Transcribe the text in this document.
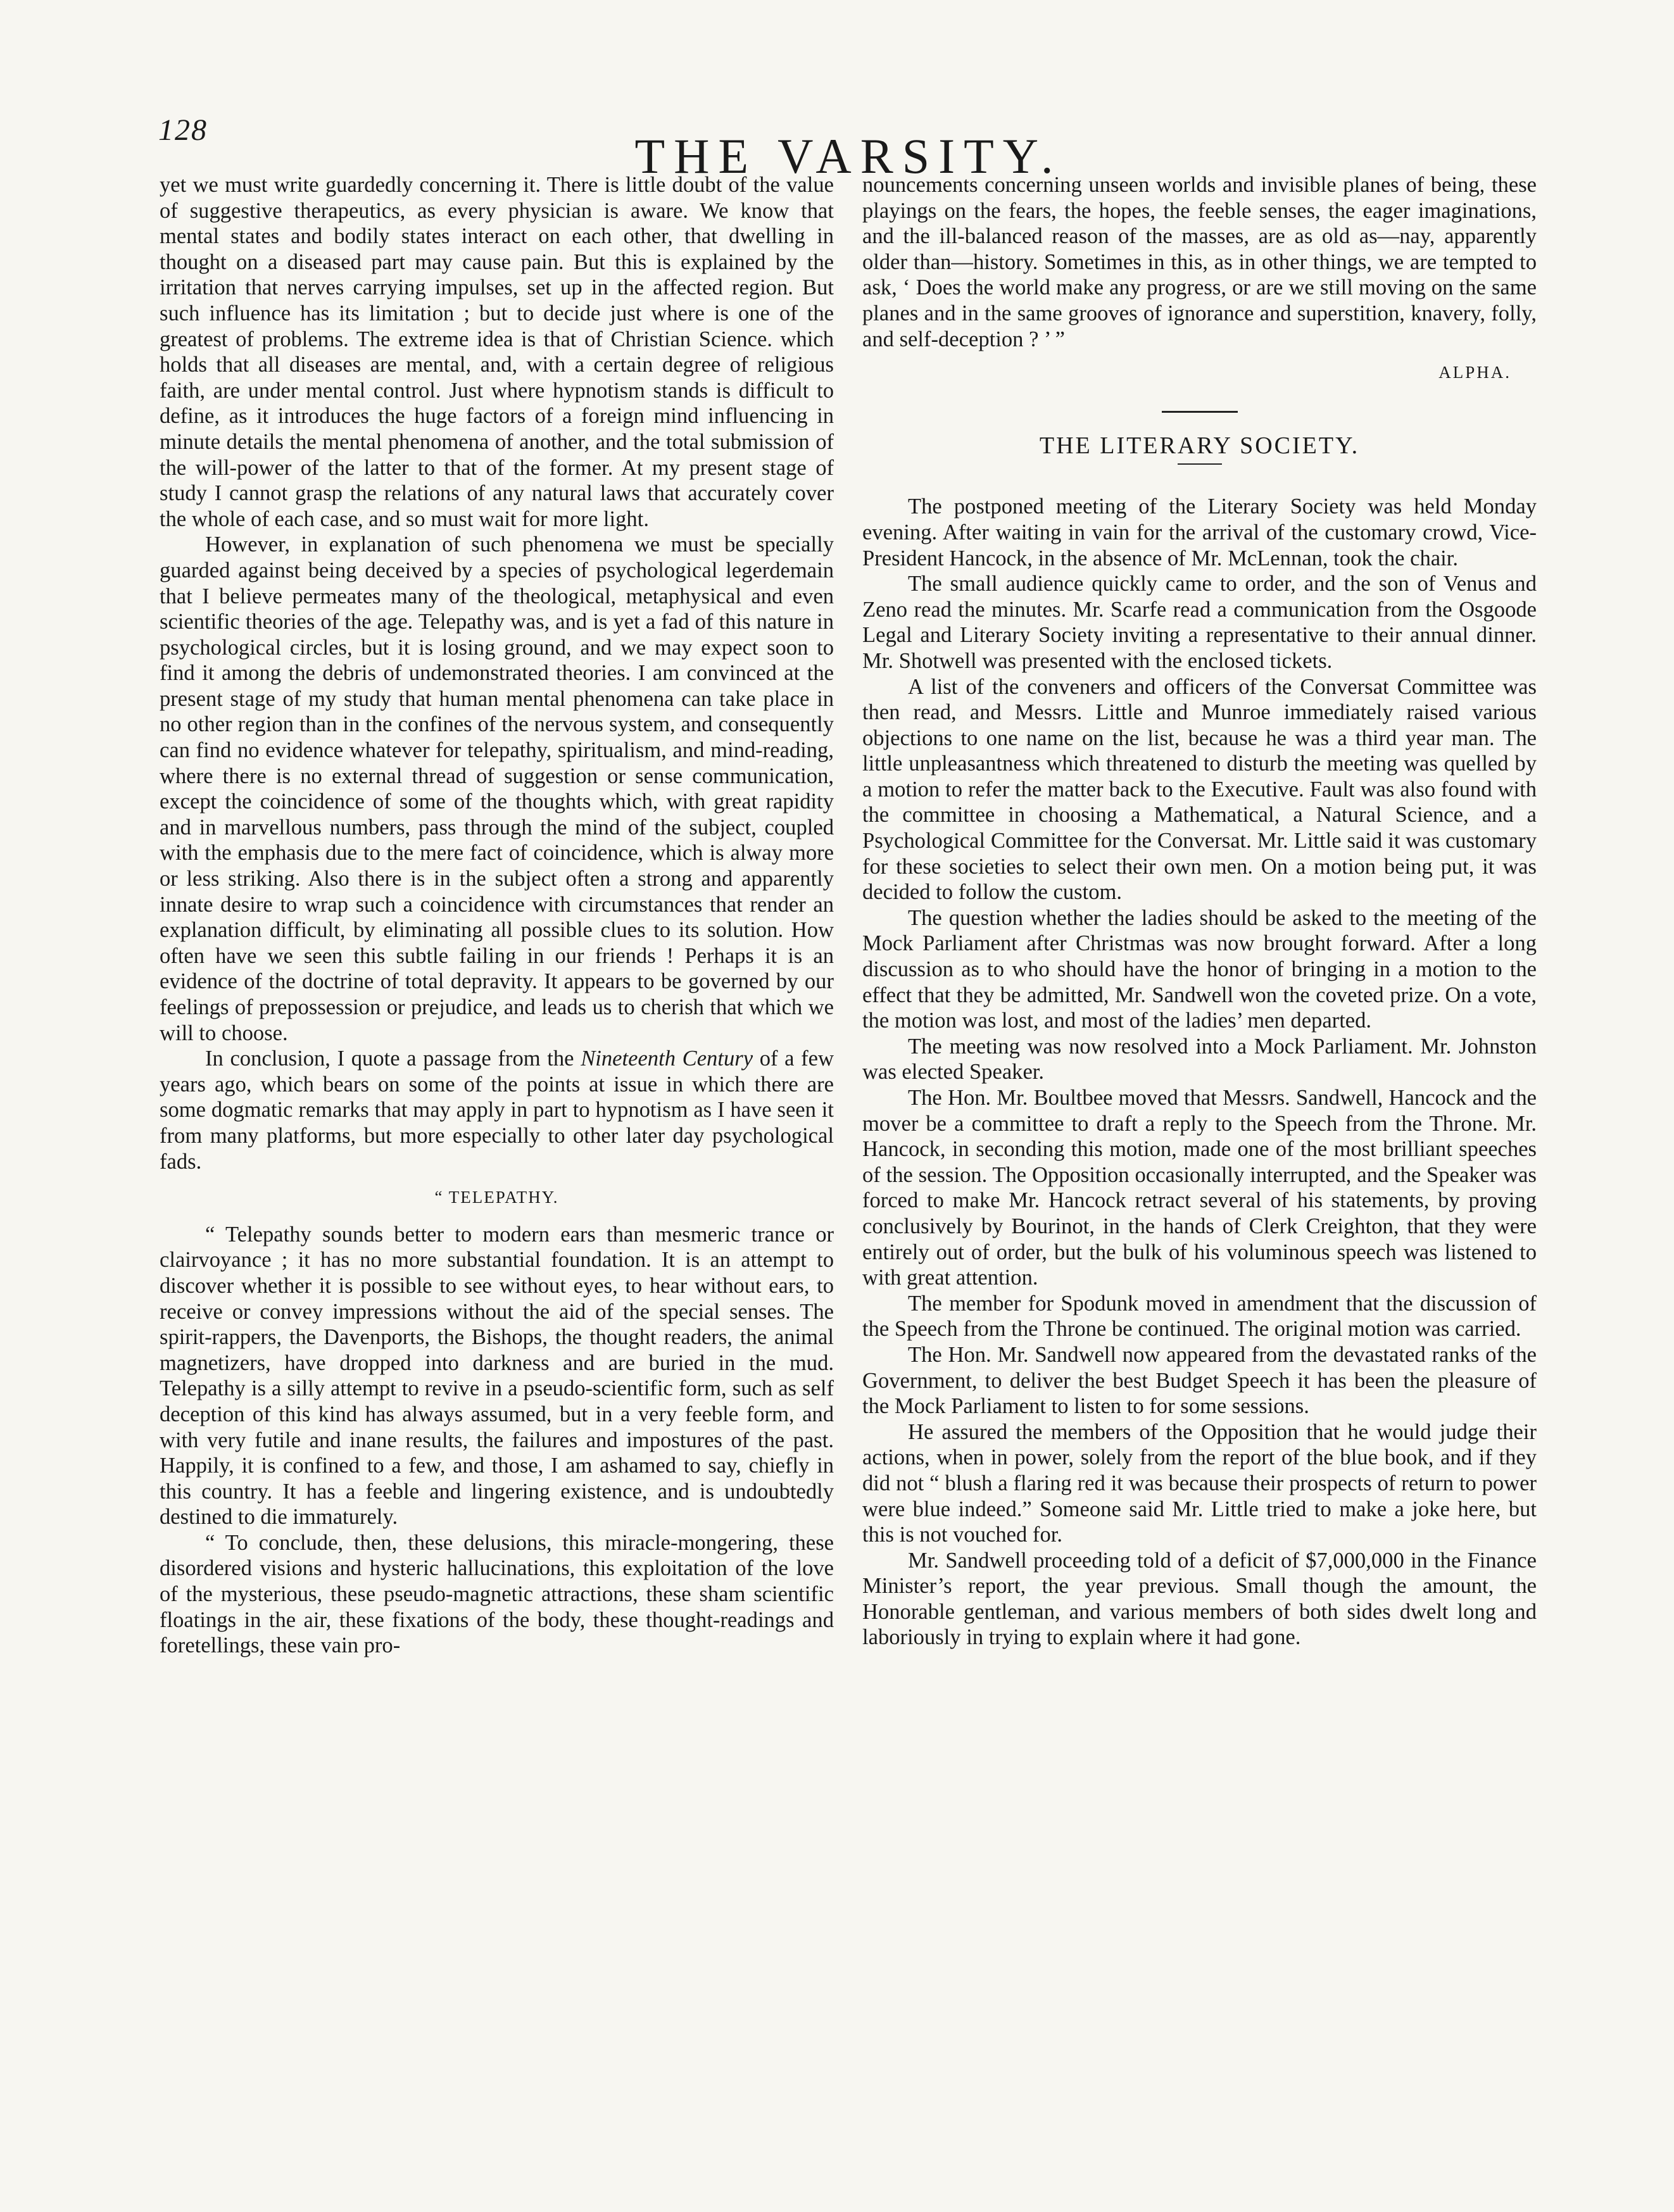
128	THE VARSITY.

yet we must write guardedly concerning it. There is little doubt of the value of suggestive therapeutics, as every physician is aware. We know that mental states and bodily states interact on each other, that dwelling in thought on a diseased part may cause pain. But this is explained by the irritation that nerves carrying impulses, set up in the affected region. But such influence has its limitation ; but to decide just where is one of the greatest of problems. The extreme idea is that of Christian Science. which holds that all diseases are mental, and, with a certain degree of religious faith, are under mental control. Just where hypnotism stands is difficult to define, as it introduces the huge factors of a foreign mind influencing in minute details the mental phenomena of another, and the total submission of the will-power of the latter to that of the former. At my present stage of study I cannot grasp the relations of any natural laws that accurately cover the whole of each case, and so must wait for more light.

However, in explanation of such phenomena we must be specially guarded against being deceived by a species of psychological legerdemain that I believe permeates many of the theological, metaphysical and even scientific theories of the age. Telepathy was, and is yet a fad of this nature in psychological circles, but it is losing ground, and we may expect soon to find it among the debris of undemonstrated theories. I am convinced at the present stage of my study that human mental phenomena can take place in no other region than in the confines of the nervous system, and consequently can find no evidence whatever for telepathy, spiritualism, and mind-reading, where there is no external thread of suggestion or sense communication, except the coincidence of some of the thoughts which, with great rapidity and in marvellous numbers, pass through the mind of the subject, coupled with the emphasis due to the mere fact of coincidence, which is alway more or less striking. Also there is in the subject often a strong and apparently innate desire to wrap such a coincidence with circumstances that render an explanation difficult, by eliminating all possible clues to its solution. How often have we seen this subtle failing in our friends ! Perhaps it is an evidence of the doctrine of total depravity. It appears to be governed by our feelings of prepossession or prejudice, and leads us to cherish that which we will to choose.

In conclusion, I quote a passage from the Nineteenth Century of a few years ago, which bears on some of the points at issue in which there are some dogmatic remarks that may apply in part to hypnotism as I have seen it from many platforms, but more especially to other later day psychological fads.

“ TELEPATHY.

“ Telepathy sounds better to modern ears than mesmeric trance or clairvoyance ; it has no more substantial foundation. It is an attempt to discover whether it is possible to see without eyes, to hear without ears, to receive or convey impressions without the aid of the special senses. The spirit-rappers, the Davenports, the Bishops, the thought readers, the animal magnetizers, have dropped into darkness and are buried in the mud. Telepathy is a silly attempt to revive in a pseudo-scientific form, such as self deception of this kind has always assumed, but in a very feeble form, and with very futile and inane results, the failures and impostures of the past. Happily, it is confined to a few, and those, I am ashamed to say, chiefly in this country. It has a feeble and lingering existence, and is undoubtedly destined to die immaturely.

“ To conclude, then, these delusions, this miracle-mongering, these disordered visions and hysteric hallucinations, this exploitation of the love of the mysterious, these pseudo-magnetic attractions, these sham scientific floatings in the air, these fixations of the body, these thought-readings and foretellings, these vain pro-

nouncements concerning unseen worlds and invisible planes of being, these playings on the fears, the hopes, the feeble senses, the eager imaginations, and the ill-balanced reason of the masses, are as old as—nay, apparently older than—history. Sometimes in this, as in other things, we are tempted to ask, ‘ Does the world make any progress, or are we still moving on the same planes and in the same grooves of ignorance and superstition, knavery, folly, and self-deception ? ’ ”

ALPHA.
THE LITERARY SOCIETY.

The postponed meeting of the Literary Society was held Monday evening. After waiting in vain for the arrival of the customary crowd, Vice-President Hancock, in the absence of Mr. McLennan, took the chair.

The small audience quickly came to order, and the son of Venus and Zeno read the minutes. Mr. Scarfe read a communication from the Osgoode Legal and Literary Society inviting a representative to their annual dinner. Mr. Shotwell was presented with the enclosed tickets.

A list of the conveners and officers of the Conversat Committee was then read, and Messrs. Little and Munroe immediately raised various objections to one name on the list, because he was a third year man. The little unpleasantness which threatened to disturb the meeting was quelled by a motion to refer the matter back to the Executive. Fault was also found with the committee in choosing a Mathematical, a Natural Science, and a Psychological Committee for the Conversat. Mr. Little said it was customary for these societies to select their own men. On a motion being put, it was decided to follow the custom.

The question whether the ladies should be asked to the meeting of the Mock Parliament after Christmas was now brought forward. After a long discussion as to who should have the honor of bringing in a motion to the effect that they be admitted, Mr. Sandwell won the coveted prize. On a vote, the motion was lost, and most of the ladies’ men departed.

The meeting was now resolved into a Mock Parliament. Mr. Johnston was elected Speaker.

The Hon. Mr. Boultbee moved that Messrs. Sandwell, Hancock and the mover be a committee to draft a reply to the Speech from the Throne. Mr. Hancock, in seconding this motion, made one of the most brilliant speeches of the session. The Opposition occasionally interrupted, and the Speaker was forced to make Mr. Hancock retract several of his statements, by proving conclusively by Bourinot, in the hands of Clerk Creighton, that they were entirely out of order, but the bulk of his voluminous speech was listened to with great attention.

The member for Spodunk moved in amendment that the discussion of the Speech from the Throne be continued. The original motion was carried.

The Hon. Mr. Sandwell now appeared from the devastated ranks of the Government, to deliver the best Budget Speech it has been the pleasure of the Mock Parliament to listen to for some sessions.

He assured the members of the Opposition that he would judge their actions, when in power, solely from the report of the blue book, and if they did not “ blush a flaring red it was because their prospects of return to power were blue indeed.” Someone said Mr. Little tried to make a joke here, but this is not vouched for.

Mr. Sandwell proceeding told of a deficit of $7,000,000 in the Finance Minister’s report, the year previous. Small though the amount, the Honorable gentleman, and various members of both sides dwelt long and laboriously in trying to explain where it had gone.
